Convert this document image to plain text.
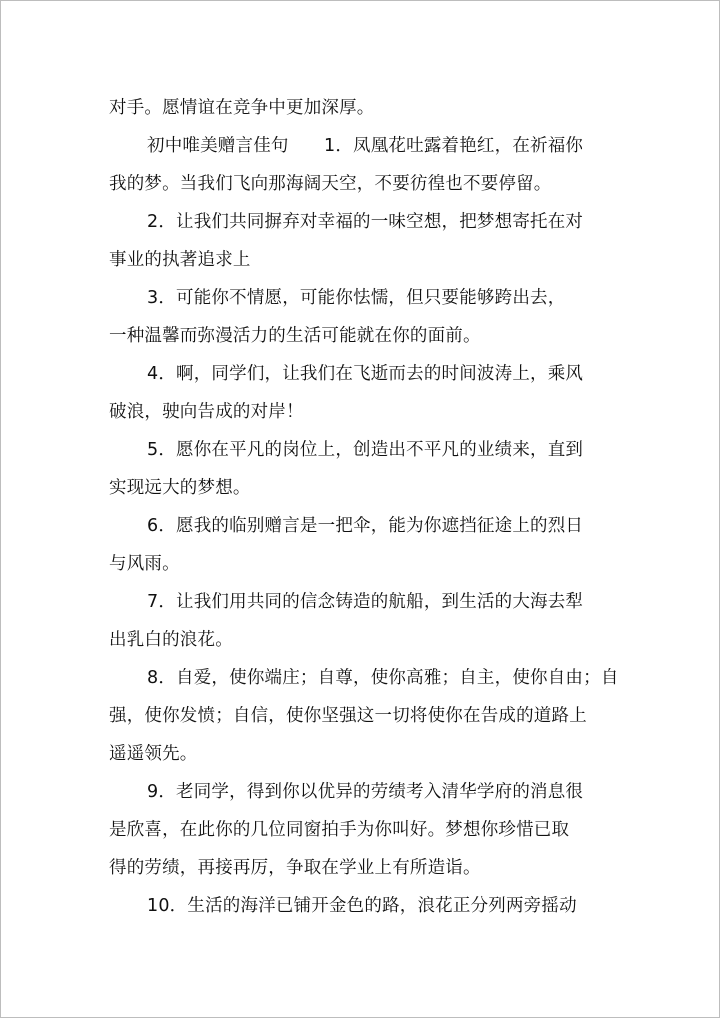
对手。愿情谊在竞争中更加深厚。
初中唯美赠言佳句　　1．凤凰花吐露着艳红，在祈福你
我的梦。当我们飞向那海阔天空，不要彷徨也不要停留。
2．让我们共同摒弃对幸福的一味空想，把梦想寄托在对
事业的执著追求上
3．可能你不情愿，可能你怯懦，但只要能够跨出去，
一种温馨而弥漫活力的生活可能就在你的面前。
4．啊，同学们，让我们在飞逝而去的时间波涛上，乘风
破浪，驶向告成的对岸！
5．愿你在平凡的岗位上，创造出不平凡的业绩来，直到
实现远大的梦想。
6．愿我的临别赠言是一把伞，能为你遮挡征途上的烈日
与风雨。
7．让我们用共同的信念铸造的航船，到生活的大海去犁
出乳白的浪花。
8．自爱，使你端庄；自尊，使你高雅；自主，使你自由；自
强，使你发愤；自信，使你坚强这一切将使你在告成的道路上
遥遥领先。
9．老同学，得到你以优异的劳绩考入清华学府的消息很
是欣喜，在此你的几位同窗拍手为你叫好。梦想你珍惜已取
得的劳绩，再接再厉，争取在学业上有所造诣。
10．生活的海洋已铺开金色的路，浪花正分列两旁摇动
